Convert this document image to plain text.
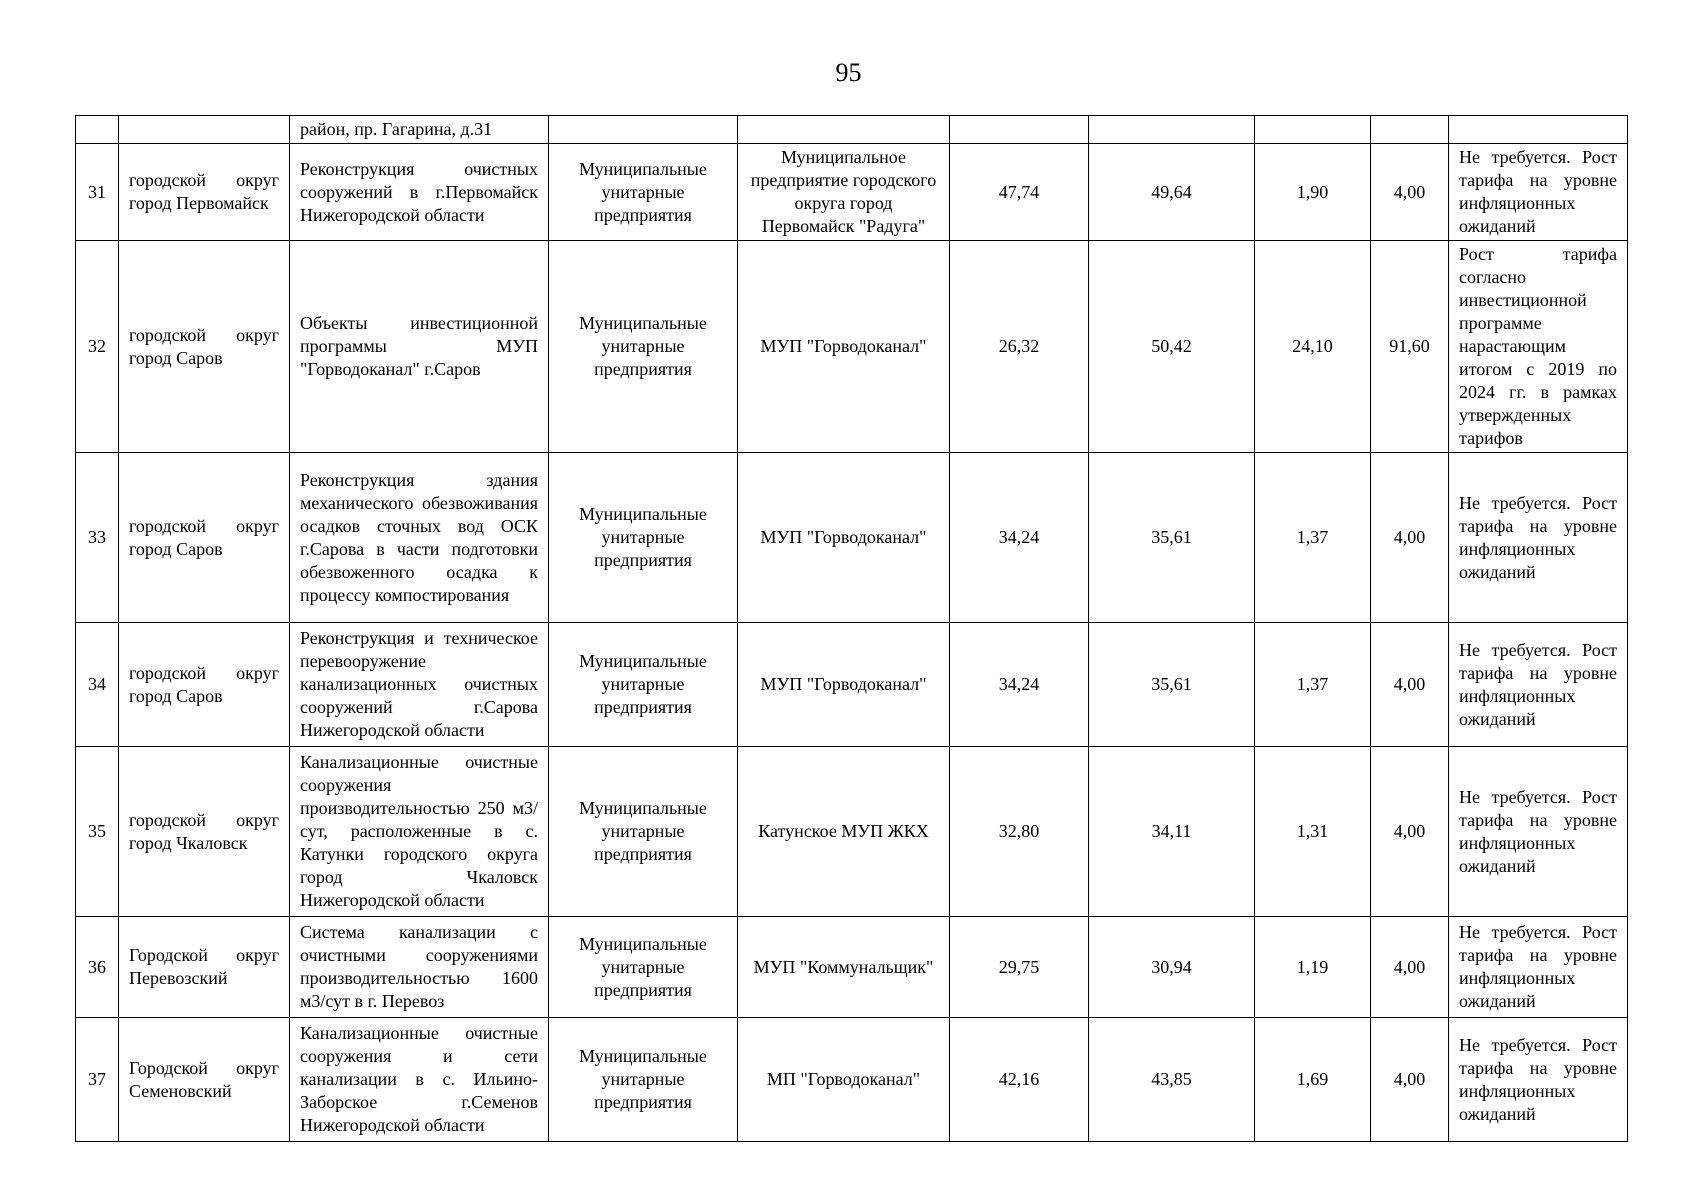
95
		район, пр. Гагарина, д.31							
31	городской округ город Первомайск	Реконструкция очистных сооружений в г.Первомайск Нижегородской области	Муниципальные унитарные предприятия	Муниципальное предприятие городского округа город Первомайск "Радуга"	47,74	49,64	1,90	4,00	Не требуется. Рост тарифа на уровне инфляционных ожиданий
32	городской округ город Саров	Объекты инвестиционной программы МУП "Горводоканал" г.Саров	Муниципальные унитарные предприятия	МУП "Горводоканал"	26,32	50,42	24,10	91,60	Рост тарифа согласно инвестиционной программе нарастающим итогом с 2019 по 2024 гг. в рамках утвержденных тарифов
33	городской округ город Саров	Реконструкция здания механического обезвоживания осадков сточных вод ОСК г.Сарова в части подготовки обезвоженного осадка к процессу компостирования	Муниципальные унитарные предприятия	МУП "Горводоканал"	34,24	35,61	1,37	4,00	Не требуется. Рост тарифа на уровне инфляционных ожиданий
34	городской округ город Саров	Реконструкция и техническое перевооружение канализационных очистных сооружений г.Сарова Нижегородской области	Муниципальные унитарные предприятия	МУП "Горводоканал"	34,24	35,61	1,37	4,00	Не требуется. Рост тарифа на уровне инфляционных ожиданий
35	городской округ город Чкаловск	Канализационные очистные сооружения производительностью 250 м3/сут, расположенные в с. Катунки городского округа город Чкаловск Нижегородской области	Муниципальные унитарные предприятия	Катунское МУП ЖКХ	32,80	34,11	1,31	4,00	Не требуется. Рост тарифа на уровне инфляционных ожиданий
36	Городской округ Перевозский	Система канализации с очистными сооружениями производительностью 1600 м3/сут в г. Перевоз	Муниципальные унитарные предприятия	МУП "Коммунальщик"	29,75	30,94	1,19	4,00	Не требуется. Рост тарифа на уровне инфляционных ожиданий
37	Городской округ Семеновский	Канализационные очистные сооружения и сети канализации в с. Ильино-Заборское г.Семенов Нижегородской области	Муниципальные унитарные предприятия	МП "Горводоканал"	42,16	43,85	1,69	4,00	Не требуется. Рост тарифа на уровне инфляционных ожиданий
